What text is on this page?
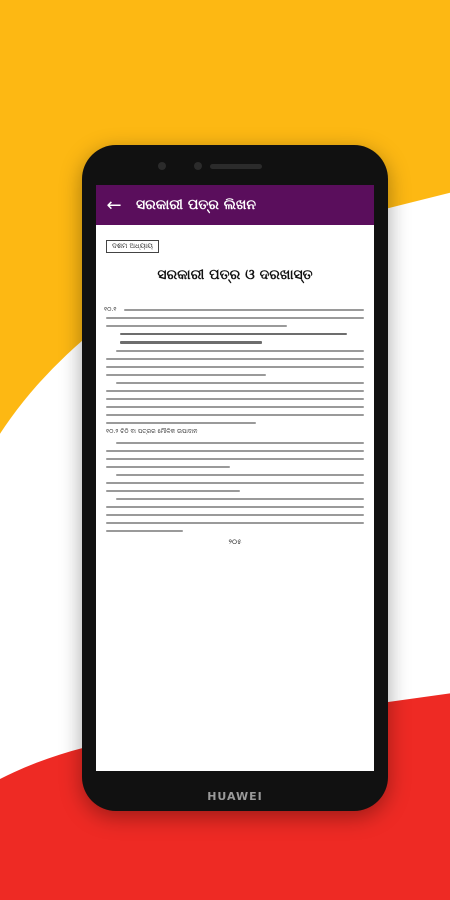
← ସରକାରୀ ପତ୍ର ଲିଖନ
ଦଶମ ଅଧ୍ୟାୟ
ସରକାରୀ ପତ୍ର ଓ ଦରଖାସ୍ତ
୧୦.୧
୧୦.୨ ଚିଠି ବା ପତ୍ରର ମୌଳିକ ଉପାଦାନ
୨୦୫
HUAWEI
